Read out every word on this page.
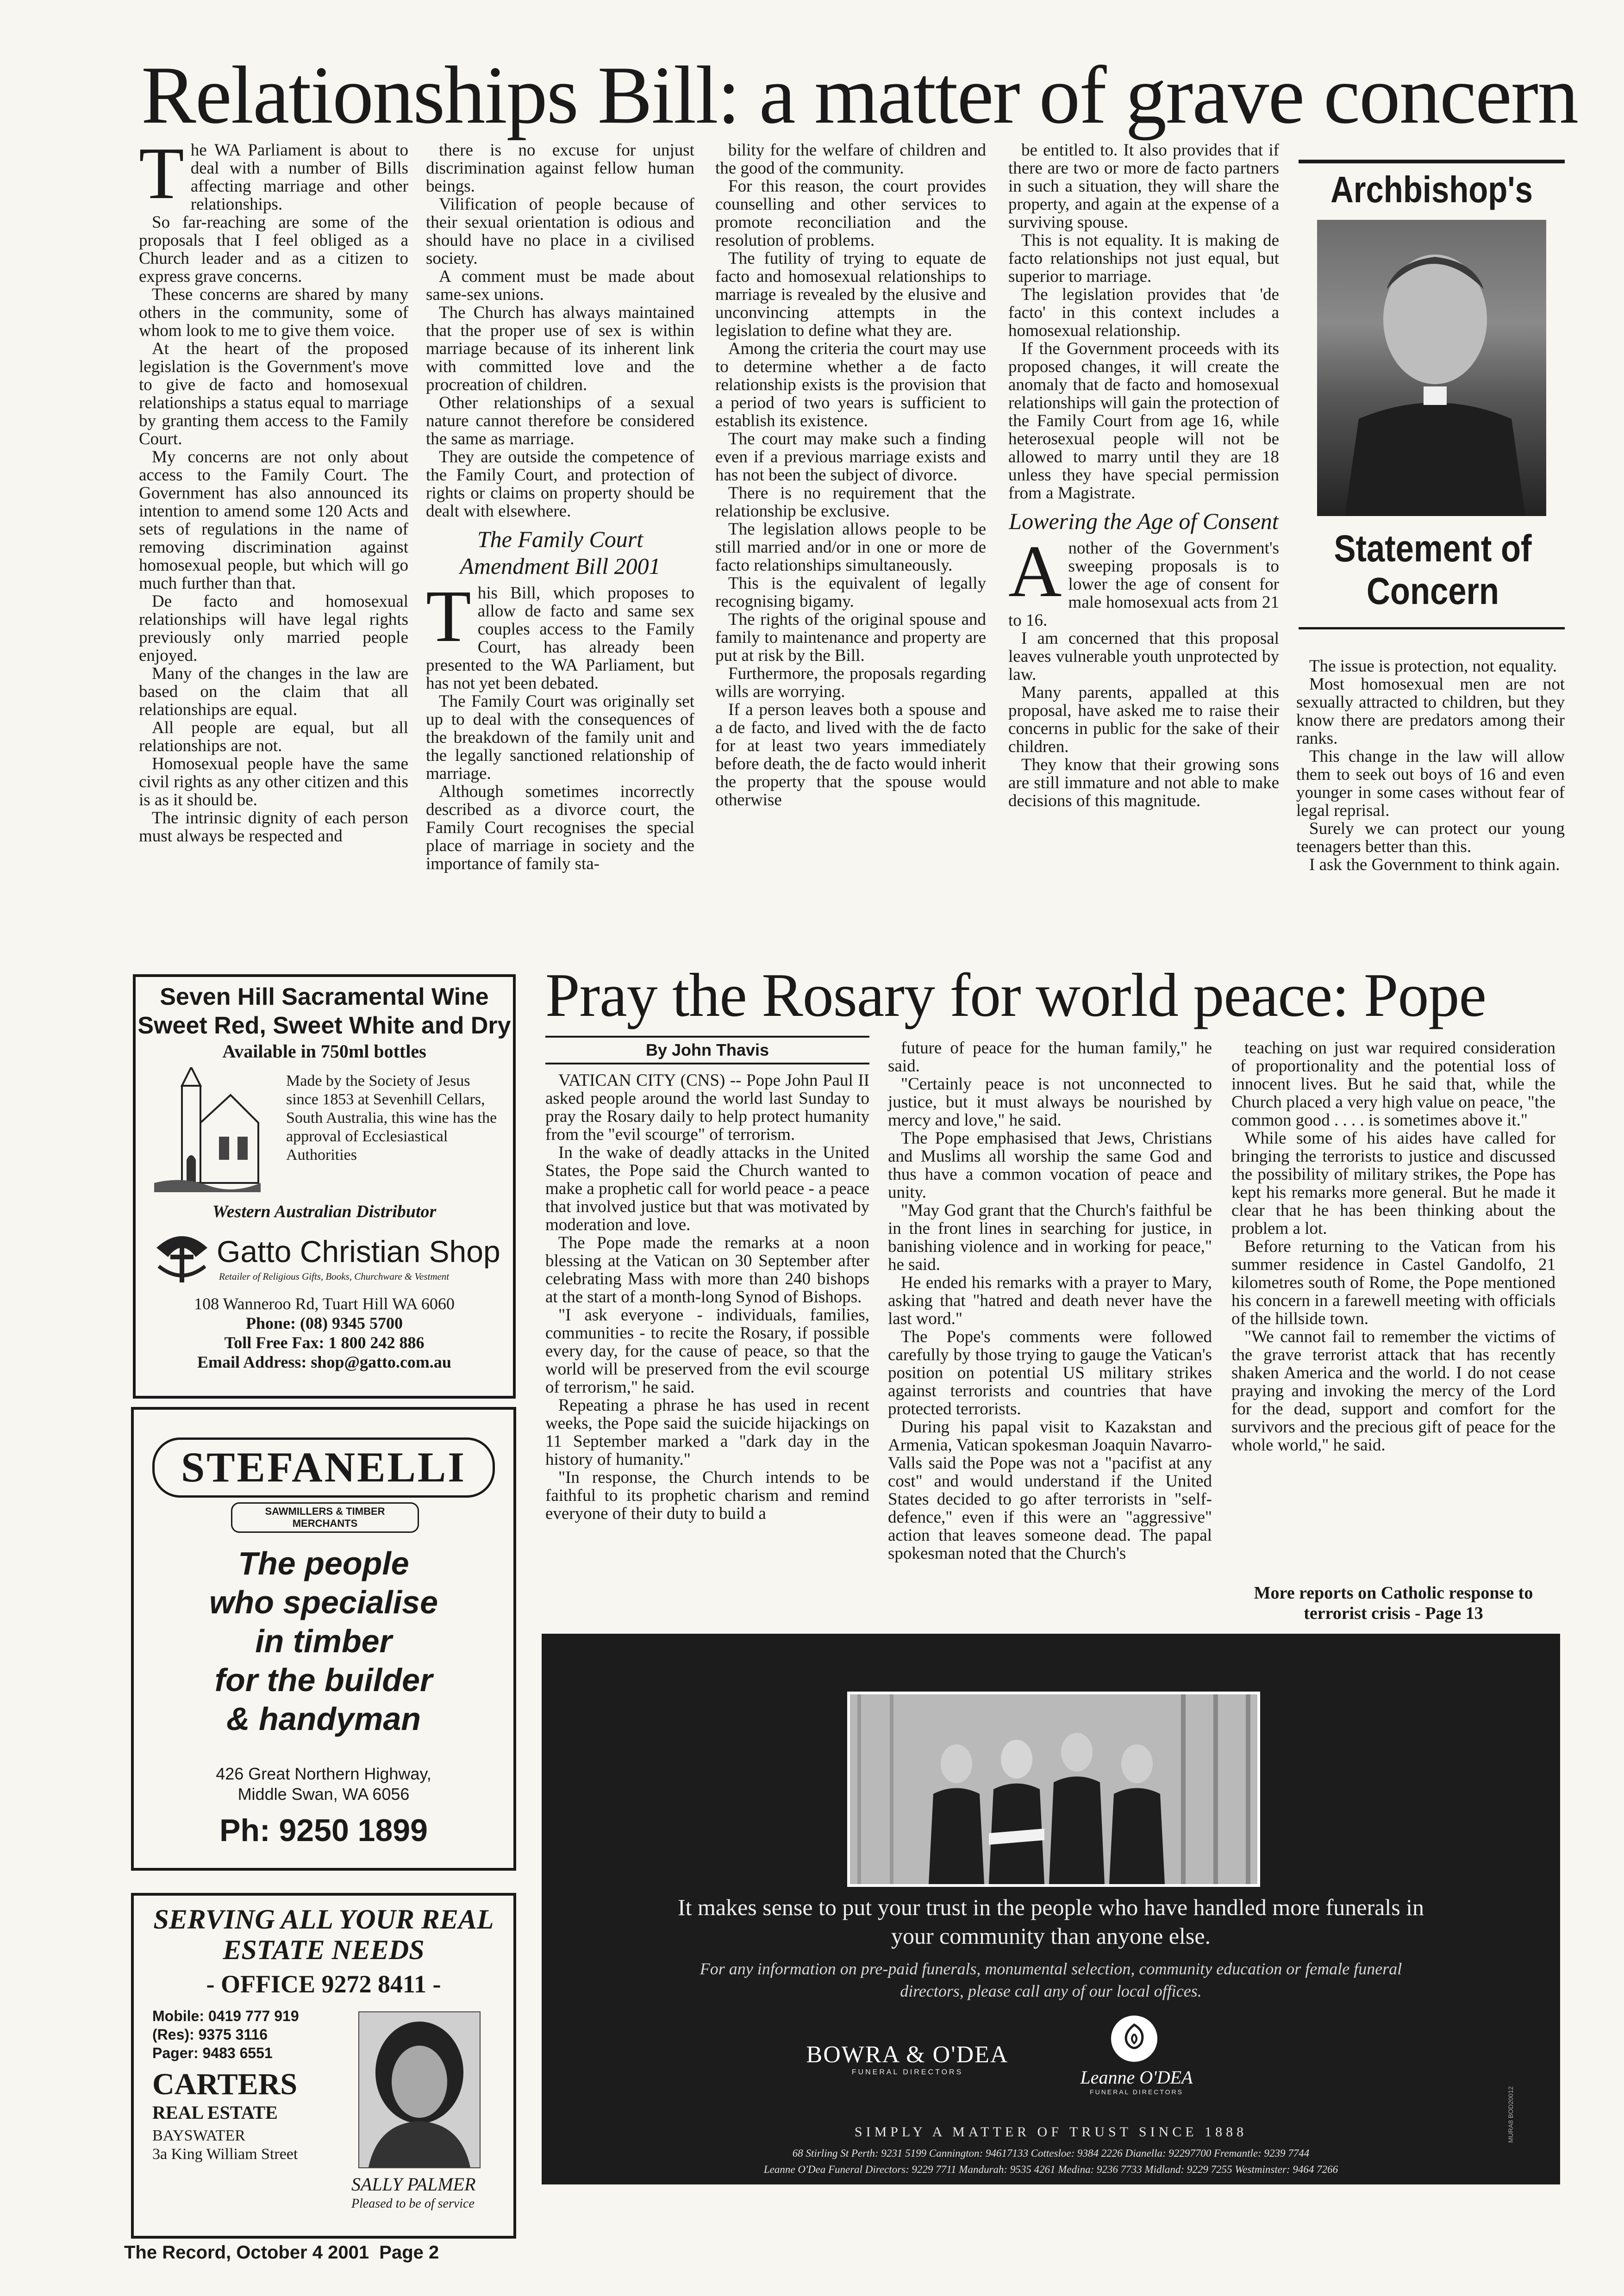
Relationships Bill: a matter of grave concern

The WA Parliament is about to deal with a number of Bills affecting marriage and other relationships.

So far-reaching are some of the proposals that I feel obliged as a Church leader and as a citizen to express grave concerns.

These concerns are shared by many others in the community, some of whom look to me to give them voice.

At the heart of the proposed legislation is the Government's move to give de facto and homosexual relationships a status equal to marriage by granting them access to the Family Court.

My concerns are not only about access to the Family Court. The Government has also announced its intention to amend some 120 Acts and sets of regulations in the name of removing discrimination against homosexual people, but which will go much further than that.

De facto and homosexual relationships will have legal rights previously only married people enjoyed.

Many of the changes in the law are based on the claim that all relationships are equal.

All people are equal, but all relationships are not.

Homosexual people have the same civil rights as any other citizen and this is as it should be.

The intrinsic dignity of each person must always be respected and

there is no excuse for unjust discrimination against fellow human beings.

Vilification of people because of their sexual orientation is odious and should have no place in a civilised society.

A comment must be made about same-sex unions.

The Church has always maintained that the proper use of sex is within marriage because of its inherent link with committed love and the procreation of children.

Other relationships of a sexual nature cannot therefore be considered the same as marriage.

They are outside the competence of the Family Court, and protection of rights or claims on property should be dealt with elsewhere.

The Family Court Amendment Bill 2001

This Bill, which proposes to allow de facto and same sex couples access to the Family Court, has already been presented to the WA Parliament, but has not yet been debated.

The Family Court was originally set up to deal with the consequences of the breakdown of the family unit and the legally sanctioned relationship of marriage.

Although sometimes incorrectly described as a divorce court, the Family Court recognises the special place of marriage in society and the importance of family sta-

bility for the welfare of children and the good of the community.

For this reason, the court provides counselling and other services to promote reconciliation and the resolution of problems.

The futility of trying to equate de facto and homosexual relationships to marriage is revealed by the elusive and unconvincing attempts in the legislation to define what they are.

Among the criteria the court may use to determine whether a de facto relationship exists is the provision that a period of two years is sufficient to establish its existence.

The court may make such a finding even if a previous marriage exists and has not been the subject of divorce.

There is no requirement that the relationship be exclusive.

The legislation allows people to be still married and/or in one or more de facto relationships simultaneously.

This is the equivalent of legally recognising bigamy.

The rights of the original spouse and family to maintenance and property are put at risk by the Bill.

Furthermore, the proposals regarding wills are worrying.

If a person leaves both a spouse and a de facto, and lived with the de facto for at least two years immediately before death, the de facto would inherit the property that the spouse would otherwise

be entitled to. It also provides that if there are two or more de facto partners in such a situation, they will share the property, and again at the expense of a surviving spouse.

This is not equality. It is making de facto relationships not just equal, but superior to marriage.

The legislation provides that 'de facto' in this context includes a homosexual relationship.

If the Government proceeds with its proposed changes, it will create the anomaly that de facto and homosexual relationships will gain the protection of the Family Court from age 16, while heterosexual people will not be allowed to marry until they are 18 unless they have special permission from a Magistrate.

Lowering the Age of Consent

Another of the Government's sweeping proposals is to lower the age of consent for male homosexual acts from 21 to 16.

I am concerned that this proposal leaves vulnerable youth unprotected by law.

Many parents, appalled at this proposal, have asked me to raise their concerns in public for the sake of their children.

They know that their growing sons are still immature and not able to make decisions of this magnitude.

Archbishop's
Statement of Concern

The issue is protection, not equality.

Most homosexual men are not sexually attracted to children, but they know there are predators among their ranks.

This change in the law will allow them to seek out boys of 16 and even younger in some cases without fear of legal reprisal.

Surely we can protect our young teenagers better than this.

I ask the Government to think again.

Seven Hill Sacramental Wine
Sweet Red, Sweet White and Dry
Available in 750ml bottles
Made by the Society of Jesus since 1853 at Sevenhill Cellars, South Australia, this wine has the approval of Ecclesiastical Authorities
Western Australian Distributor
Gatto Christian Shop
Retailer of Religious Gifts, Books, Churchware & Vestment
108 Wanneroo Rd, Tuart Hill WA 6060
Phone: (08) 9345 5700
Toll Free Fax: 1 800 242 886
Email Address: shop@gatto.com.au
STEFANELLI
SAWMILLERS & TIMBER MERCHANTS
The people
who specialise
in timber
for the builder
& handyman
426 Great Northern Highway,
Middle Swan, WA 6056
Ph: 9250 1899
SERVING ALL YOUR REAL ESTATE NEEDS
- OFFICE 9272 8411 -
Mobile: 0419 777 919
(Res): 9375 3116
Pager: 9483 6551
CARTERS
REAL ESTATE
BAYSWATER
3a King William Street
SALLY PALMER
Pleased to be of service
Pray the Rosary for world peace: Pope
By John Thavis

VATICAN CITY (CNS) -- Pope John Paul II asked people around the world last Sunday to pray the Rosary daily to help protect humanity from the "evil scourge" of terrorism.

In the wake of deadly attacks in the United States, the Pope said the Church wanted to make a prophetic call for world peace - a peace that involved justice but that was motivated by moderation and love.

The Pope made the remarks at a noon blessing at the Vatican on 30 September after celebrating Mass with more than 240 bishops at the start of a month-long Synod of Bishops.

"I ask everyone - individuals, families, communities - to recite the Rosary, if possible every day, for the cause of peace, so that the world will be preserved from the evil scourge of terrorism," he said.

Repeating a phrase he has used in recent weeks, the Pope said the suicide hijackings on 11 September marked a "dark day in the history of humanity."

"In response, the Church intends to be faithful to its prophetic charism and remind everyone of their duty to build a

future of peace for the human family," he said.

"Certainly peace is not unconnected to justice, but it must always be nourished by mercy and love," he said.

The Pope emphasised that Jews, Christians and Muslims all worship the same God and thus have a common vocation of peace and unity.

"May God grant that the Church's faithful be in the front lines in searching for justice, in banishing violence and in working for peace," he said.

He ended his remarks with a prayer to Mary, asking that "hatred and death never have the last word."

The Pope's comments were followed carefully by those trying to gauge the Vatican's position on potential US military strikes against terrorists and countries that have protected terrorists.

During his papal visit to Kazakstan and Armenia, Vatican spokesman Joaquin Navarro-Valls said the Pope was not a "pacifist at any cost" and would understand if the United States decided to go after terrorists in "self-defence," even if this were an "aggressive" action that leaves someone dead. The papal spokesman noted that the Church's

teaching on just war required consideration of proportionality and the potential loss of innocent lives. But he said that, while the Church placed a very high value on peace, "the common good . . . . is sometimes above it."

While some of his aides have called for bringing the terrorists to justice and discussed the possibility of military strikes, the Pope has kept his remarks more general. But he made it clear that he has been thinking about the problem a lot.

Before returning to the Vatican from his summer residence in Castel Gandolfo, 21 kilometres south of Rome, the Pope mentioned his concern in a farewell meeting with officials of the hillside town.

"We cannot fail to remember the victims of the grave terrorist attack that has recently shaken America and the world. I do not cease praying and invoking the mercy of the Lord for the dead, support and comfort for the survivors and the precious gift of peace for the whole world," he said.

More reports on Catholic response to terrorist crisis - Page 13
It makes sense to put your trust in the people who have handled more funerals in your community than anyone else.
For any information on pre-paid funerals, monumental selection, community education or female funeral directors, please call any of our local offices.
BOWRA & O'DEA
FUNERAL DIRECTORS	Leanne O'DEA
FUNERAL DIRECTORS
SIMPLY A MATTER OF TRUST SINCE 1888
68 Stirling St Perth: 9231 5199 Cannington: 94617133 Cottesloe: 9384 2226 Dianella: 92297700 Fremantle: 9239 7744
Leanne O'Dea Funeral Directors: 9229 7711 Mandurah: 9535 4261 Medina: 9236 7733 Midland: 9229 7255 Westminster: 9464 7266
MURA8 BOD20012
The Record, October 4 2001  Page 2
